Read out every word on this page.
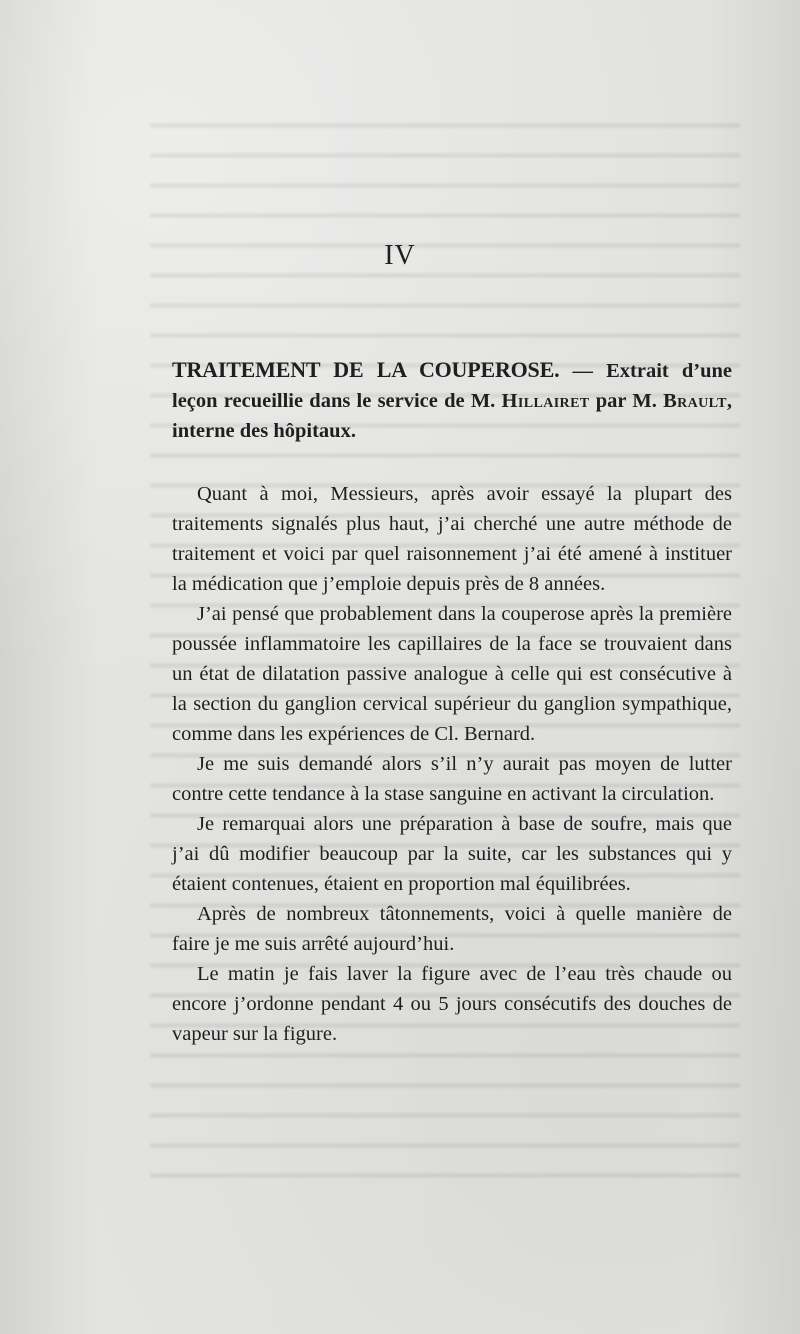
IV

TRAITEMENT DE LA COUPEROSE. — Extrait d’une leçon recueillie dans le service de M. Hillairet par M. Brault, interne des hôpitaux.

Quant à moi, Messieurs, après avoir essayé la plupart des traitements signalés plus haut, j’ai cherché une autre méthode de traitement et voici par quel raisonnement j’ai été amené à instituer la médication que j’emploie depuis près de 8 années.

J’ai pensé que probablement dans la couperose après la première poussée inflammatoire les capillaires de la face se trouvaient dans un état de dilatation passive analogue à celle qui est consécutive à la section du ganglion cervical supérieur du ganglion sympathique, comme dans les expériences de Cl. Bernard.

Je me suis demandé alors s’il n’y aurait pas moyen de lutter contre cette tendance à la stase sanguine en activant la circulation.

Je remarquai alors une préparation à base de soufre, mais que j’ai dû modifier beaucoup par la suite, car les substances qui y étaient contenues, étaient en proportion mal équilibrées.

Après de nombreux tâtonnements, voici à quelle manière de faire je me suis arrêté aujourd’hui.

Le matin je fais laver la figure avec de l’eau très chaude ou encore j’ordonne pendant 4 ou 5 jours consécutifs des douches de vapeur sur la figure.
